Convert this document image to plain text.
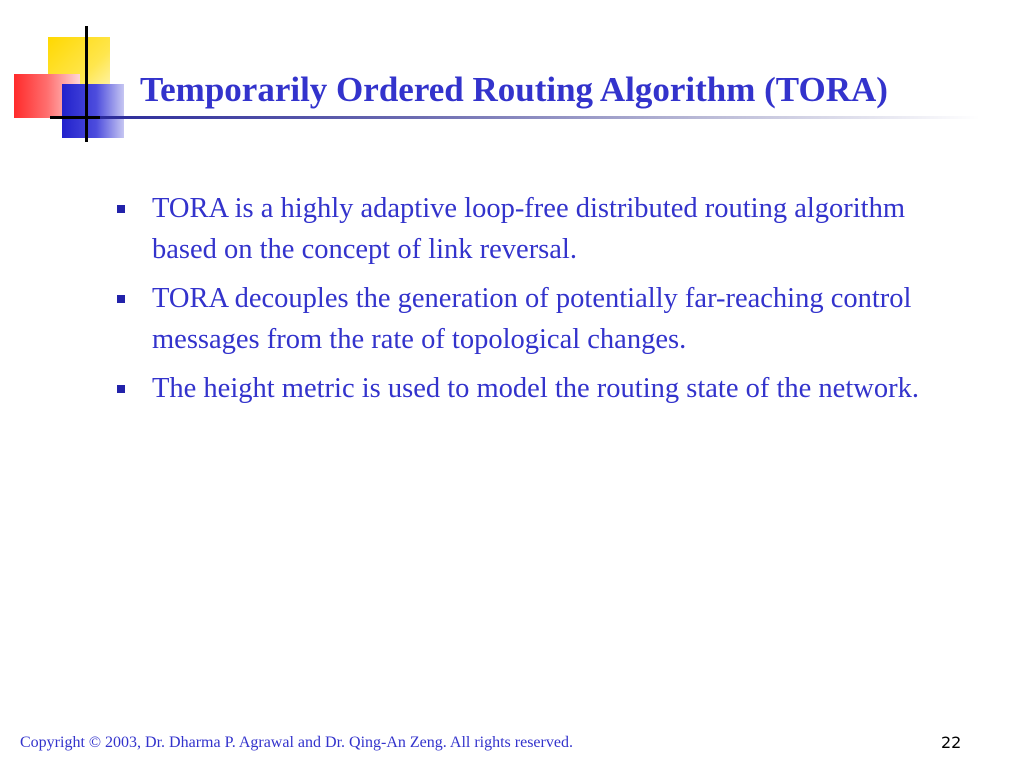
Temporarily Ordered Routing Algorithm (TORA)
TORA is a highly adaptive loop-free distributed routing algorithm based on the concept of link reversal.
TORA decouples the generation of potentially far-reaching control messages from the rate of topological changes.
The height metric is used to model the routing state of the network.
Copyright © 2003, Dr. Dharma P. Agrawal and Dr. Qing-An Zeng. All rights reserved.	22
